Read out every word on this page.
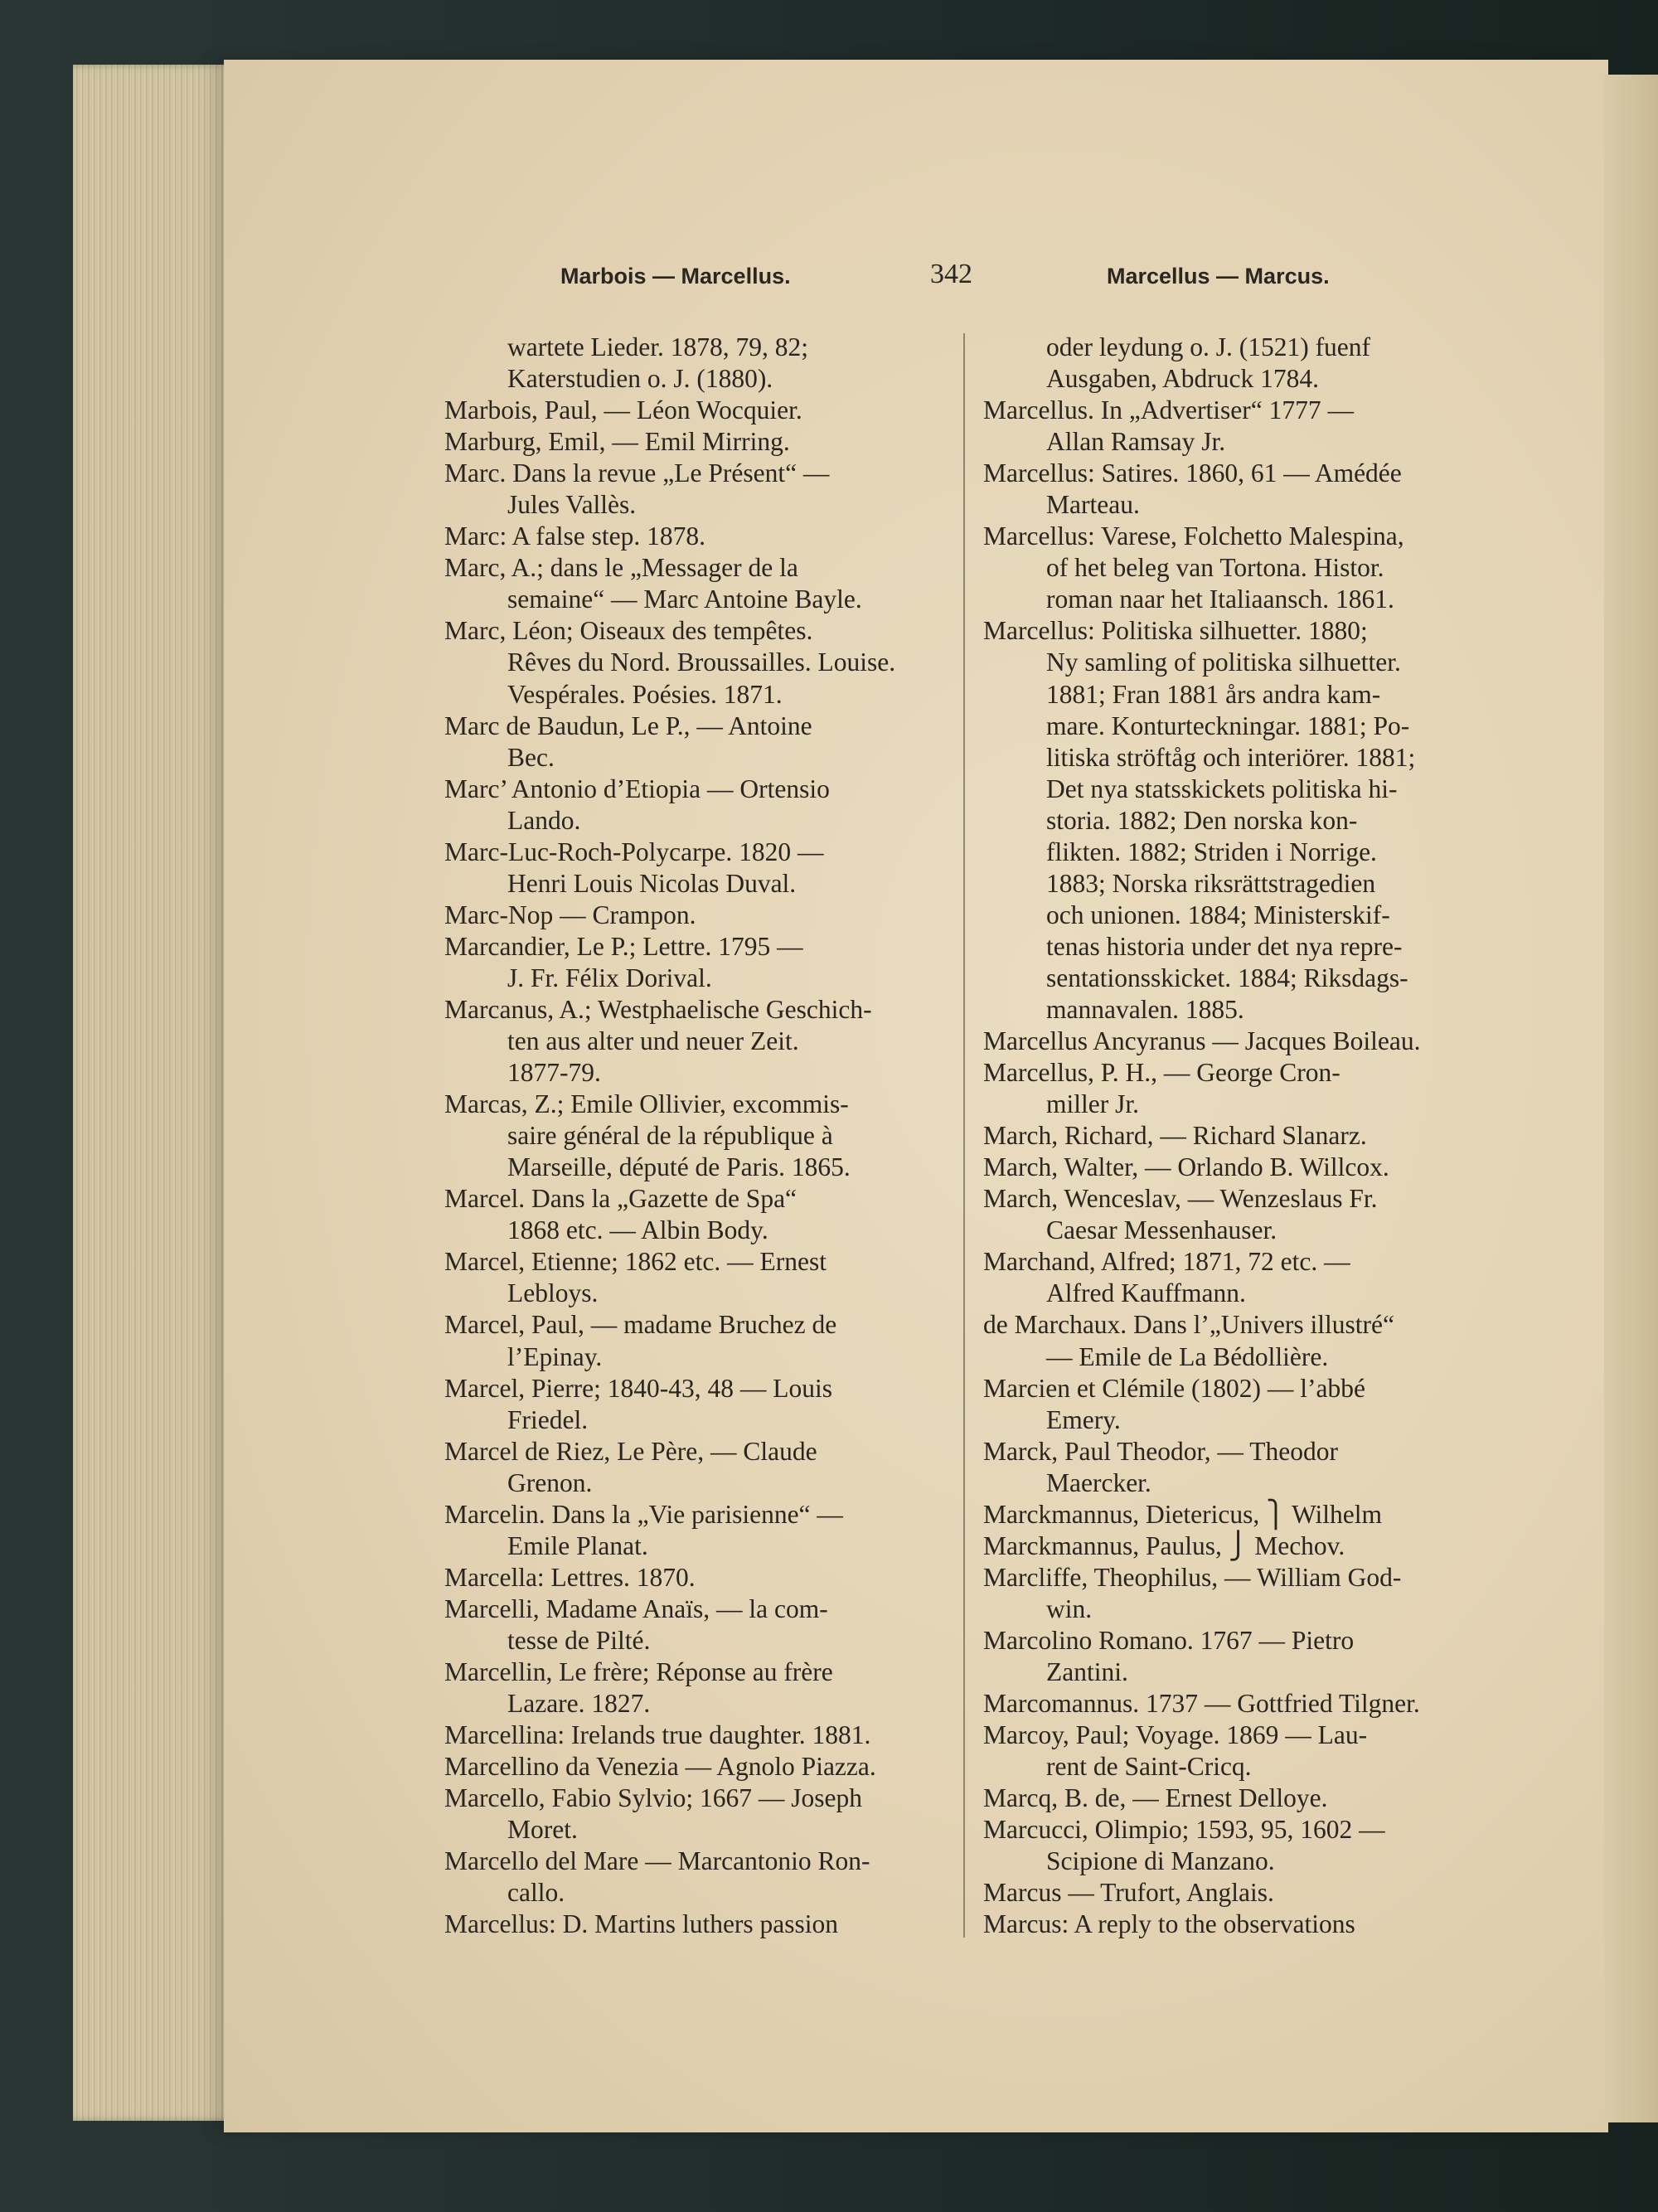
Marbois — Marcellus.	342	Marcellus — Marcus.
wartete Lieder. 1878, 79, 82;
Katerstudien o. J. (1880).
Marbois, Paul, — Léon Wocquier.
Marburg, Emil, — Emil Mirring.
Marc. Dans la revue „Le Présent“ —
Jules Vallès.
Marc: A false step. 1878.
Marc, A.; dans le „Messager de la
semaine“ — Marc Antoine Bayle.
Marc, Léon; Oiseaux des tempêtes.
Rêves du Nord. Broussailles. Louise.
Vespérales. Poésies. 1871.
Marc de Baudun, Le P., — Antoine
Bec.
Marc’ Antonio d’Etiopia — Ortensio
Lando.
Marc-Luc-Roch-Polycarpe. 1820 —
Henri Louis Nicolas Duval.
Marc-Nop — Crampon.
Marcandier, Le P.; Lettre. 1795 —
J. Fr. Félix Dorival.
Marcanus, A.; Westphaelische Geschich-
ten aus alter und neuer Zeit.
1877-79.
Marcas, Z.; Emile Ollivier, excommis-
saire général de la république à
Marseille, député de Paris. 1865.
Marcel. Dans la „Gazette de Spa“
1868 etc. — Albin Body.
Marcel, Etienne; 1862 etc. — Ernest
Lebloys.
Marcel, Paul, — madame Bruchez de
l’Epinay.
Marcel, Pierre; 1840-43, 48 — Louis
Friedel.
Marcel de Riez, Le Père, — Claude
Grenon.
Marcelin. Dans la „Vie parisienne“ —
Emile Planat.
Marcella: Lettres. 1870.
Marcelli, Madame Anaïs, — la com-
tesse de Pilté.
Marcellin, Le frère; Réponse au frère
Lazare. 1827.
Marcellina: Irelands true daughter. 1881.
Marcellino da Venezia — Agnolo Piazza.
Marcello, Fabio Sylvio; 1667 — Joseph
Moret.
Marcello del Mare — Marcantonio Ron-
callo.
Marcellus: D. Martins luthers passion
oder leydung o. J. (1521) fuenf
Ausgaben, Abdruck 1784.
Marcellus. In „Advertiser“ 1777 —
Allan Ramsay Jr.
Marcellus: Satires. 1860, 61 — Amédée
Marteau.
Marcellus: Varese, Folchetto Malespina,
of het beleg van Tortona. Histor.
roman naar het Italiaansch. 1861.
Marcellus: Politiska silhuetter. 1880;
Ny samling of politiska silhuetter.
1881; Fran 1881 års andra kam-
mare. Konturteckningar. 1881; Po-
litiska ströftåg och interiörer. 1881;
Det nya statsskickets politiska hi-
storia. 1882; Den norska kon-
flikten. 1882; Striden i Norrige.
1883; Norska riksrättstragedien
och unionen. 1884; Ministerskif-
tenas historia under det nya repre-
sentationsskicket. 1884; Riksdags-
mannavalen. 1885.
Marcellus Ancyranus — Jacques Boileau.
Marcellus, P. H., — George Cron-
miller Jr.
March, Richard, — Richard Slanarz.
March, Walter, — Orlando B. Willcox.
March, Wenceslav, — Wenzeslaus Fr.
Caesar Messenhauser.
Marchand, Alfred; 1871, 72 etc. —
Alfred Kauffmann.
de Marchaux. Dans l’„Univers illustré“
— Emile de La Bédollière.
Marcien et Clémile (1802) — l’abbé
Emery.
Marck, Paul Theodor, — Theodor
Maercker.
Marckmannus, Dietericus, ⎫ Wilhelm
Marckmannus, Paulus, ⎭ Mechov.
Marcliffe, Theophilus, — William God-
win.
Marcolino Romano. 1767 — Pietro
Zantini.
Marcomannus. 1737 — Gottfried Tilgner.
Marcoy, Paul; Voyage. 1869 — Lau-
rent de Saint-Cricq.
Marcq, B. de, — Ernest Delloye.
Marcucci, Olimpio; 1593, 95, 1602 —
Scipione di Manzano.
Marcus — Trufort, Anglais.
Marcus: A reply to the observations
